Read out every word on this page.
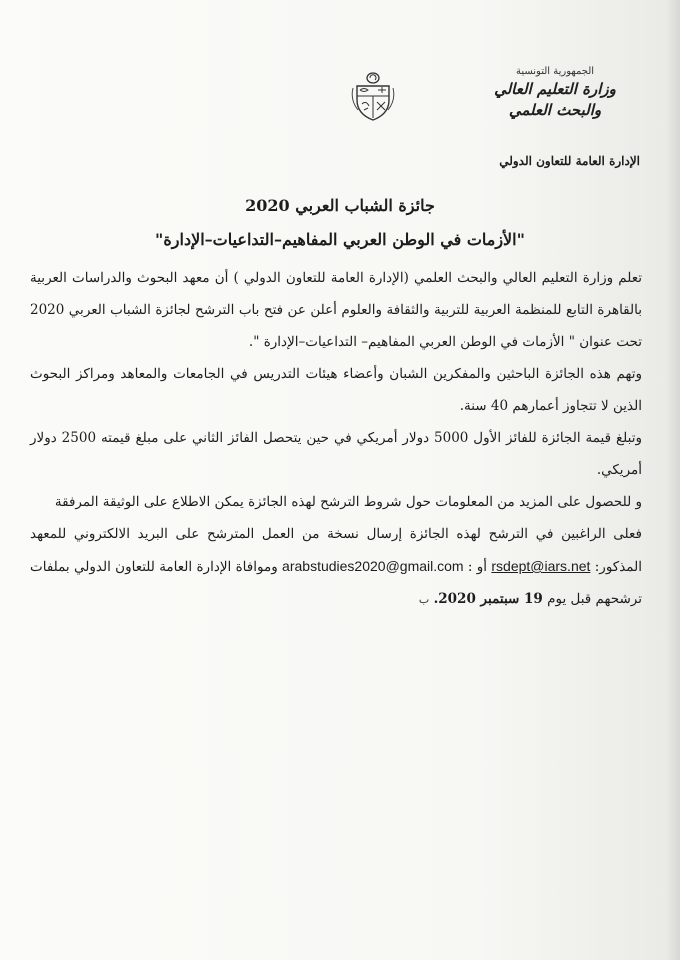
الجمهورية التونسية
وزارة التعليم العالي
والبحث العلمي
الإدارة العامة للتعاون الدولي
جائزة الشباب العربي 2020
"الأزمات في الوطن العربي المفاهيم–التداعيات–الإدارة"

تعلم وزارة التعليم العالي والبحث العلمي (الإدارة العامة للتعاون الدولي ) أن معهد البحوث والدراسات العربية بالقاهرة التابع للمنظمة العربية للتربية والثقافة والعلوم أعلن عن فتح باب الترشح لجائزة الشباب العربي 2020 تحت عنوان " الأزمات في الوطن العربي المفاهيم– التداعيات–الإدارة ".

وتهم هذه الجائزة الباحثين والمفكرين الشبان وأعضاء هيئات التدريس في الجامعات والمعاهد ومراكز البحوث الذين لا تتجاوز أعمارهم 40 سنة.

وتبلغ قيمة الجائزة للفائز الأول 5000 دولار أمريكي في حين يتحصل الفائز الثاني على مبلغ قيمته 2500 دولار أمريكي.

و للحصول على المزيد من المعلومات حول شروط الترشح لهذه الجائزة يمكن الاطلاع على الوثيقة المرفقة

فعلى الراغبين في الترشح لهذه الجائزة إرسال نسخة من العمل المترشح على البريد الالكتروني للمعهد المذكور: rsdept@iars.net أو : arabstudies2020@gmail.com وموافاة الإدارة العامة للتعاون الدولي بملفات ترشحهم قبل يوم 19 سبتمبر 2020. ب
